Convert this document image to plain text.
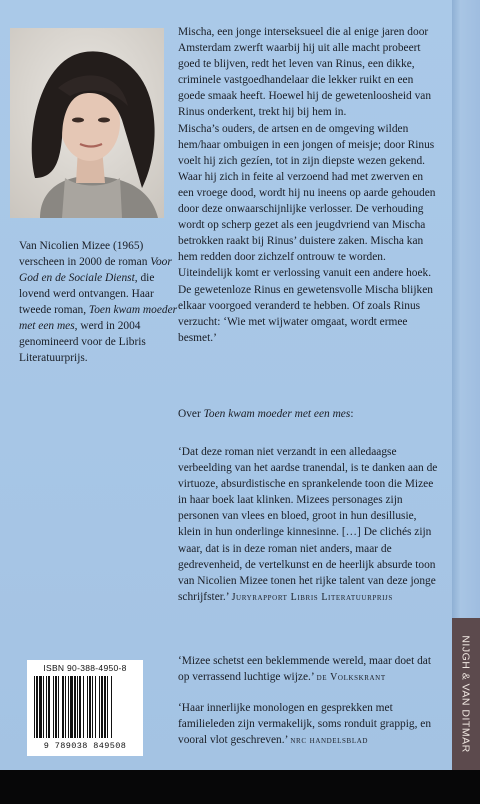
Van Nicolien Mizee (1965) verscheen in 2000 de roman Voor God en de Sociale Dienst, die lovend werd ontvangen. Haar tweede roman, Toen kwam moeder met een mes, werd in 2004 genomineerd voor de Libris Literatuurprijs.

Mischa, een jonge interseksueel die al enige jaren door Amsterdam zwerft waarbij hij uit alle macht probeert goed te blijven, redt het leven van Rinus, een dikke, criminele vastgoedhandelaar die lekker ruikt en een goede smaak heeft. Hoewel hij de gewetenloosheid van Rinus onderkent, trekt hij bij hem in.

Mischa’s ouders, de artsen en de omgeving wilden hem/haar ombuigen in een jongen of meisje; door Rinus voelt hij zich gezíen, tot in zijn diepste wezen gekend. Waar hij zich in feite al verzoend had met zwerven en een vroege dood, wordt hij nu ineens op aarde gehouden door deze onwaarschijnlijke verlosser. De verhouding wordt op scherp gezet als een jeugdvriend van Mischa betrokken raakt bij Rinus’ duistere zaken. Mischa kan hem redden door zichzelf ontrouw te worden. Uiteindelijk komt er verlossing vanuit een andere hoek. De gewetenloze Rinus en gewetensvolle Mischa blijken elkaar voorgoed veranderd te hebben. Of zoals Rinus verzucht: ‘Wie met wijwater omgaat, wordt ermee besmet.’

Over Toen kwam moeder met een mes:
‘Dat deze roman niet verzandt in een alledaagse verbeelding van het aardse tranendal, is te danken aan de virtuoze, absurdistische en sprankelende toon die Mizee in haar boek laat klinken. Mizees personages zijn personen van vlees en bloed, groot in hun desillusie, klein in hun onderlinge kinnesinne. […] De clichés zijn waar, dat is in deze roman niet anders, maar de gedrevenheid, de vertelkunst en de heerlijk absurde toon van Nicolien Mizee tonen het rijke talent van deze jonge schrijfster.’ Juryrapport Libris Literatuurprijs
‘Mizee schetst een beklemmende wereld, maar doet dat op verrassend luchtige wijze.’ de Volkskrant
‘Haar innerlijke monologen en gesprekken met familieleden zijn vermakelijk, soms ronduit grappig, en vooral vlot geschreven.’ nrc handelsblad
ISBN 90-388-4950-8
9 789038 849508	NIJGH & VAN DITMAR
